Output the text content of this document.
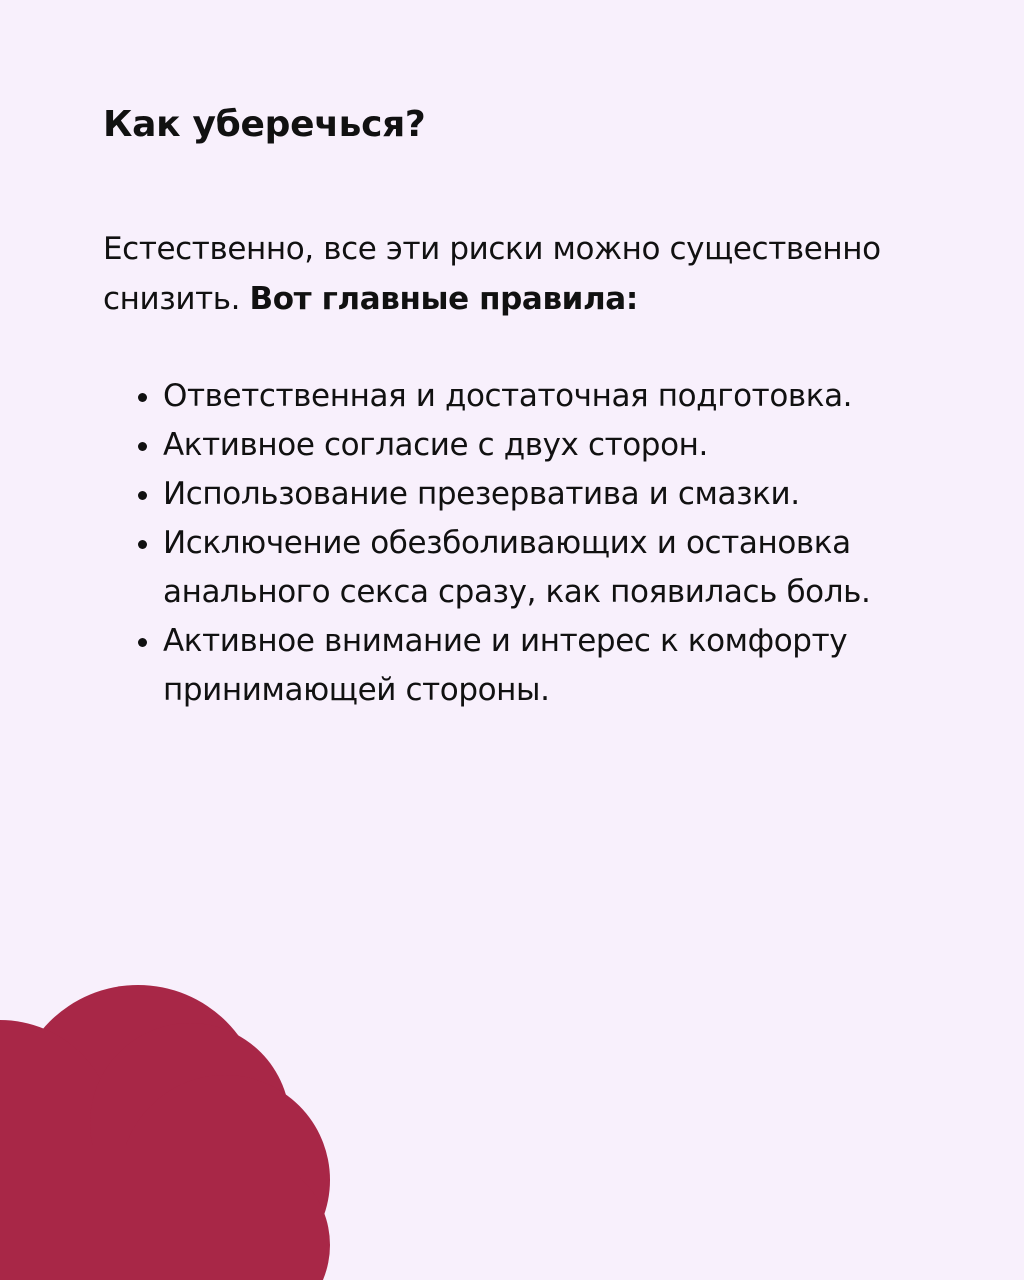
Как уберечься?

Естественно, все эти риски можно существенно снизить. Вот главные правила:

Ответственная и достаточная подготовка.
Активное согласие с двух сторон.
Использование презерватива и смазки.
Исключение обезболивающих и остановка анального секса сразу, как появилась боль.
Активное внимание и интерес к комфорту принимающей стороны.
